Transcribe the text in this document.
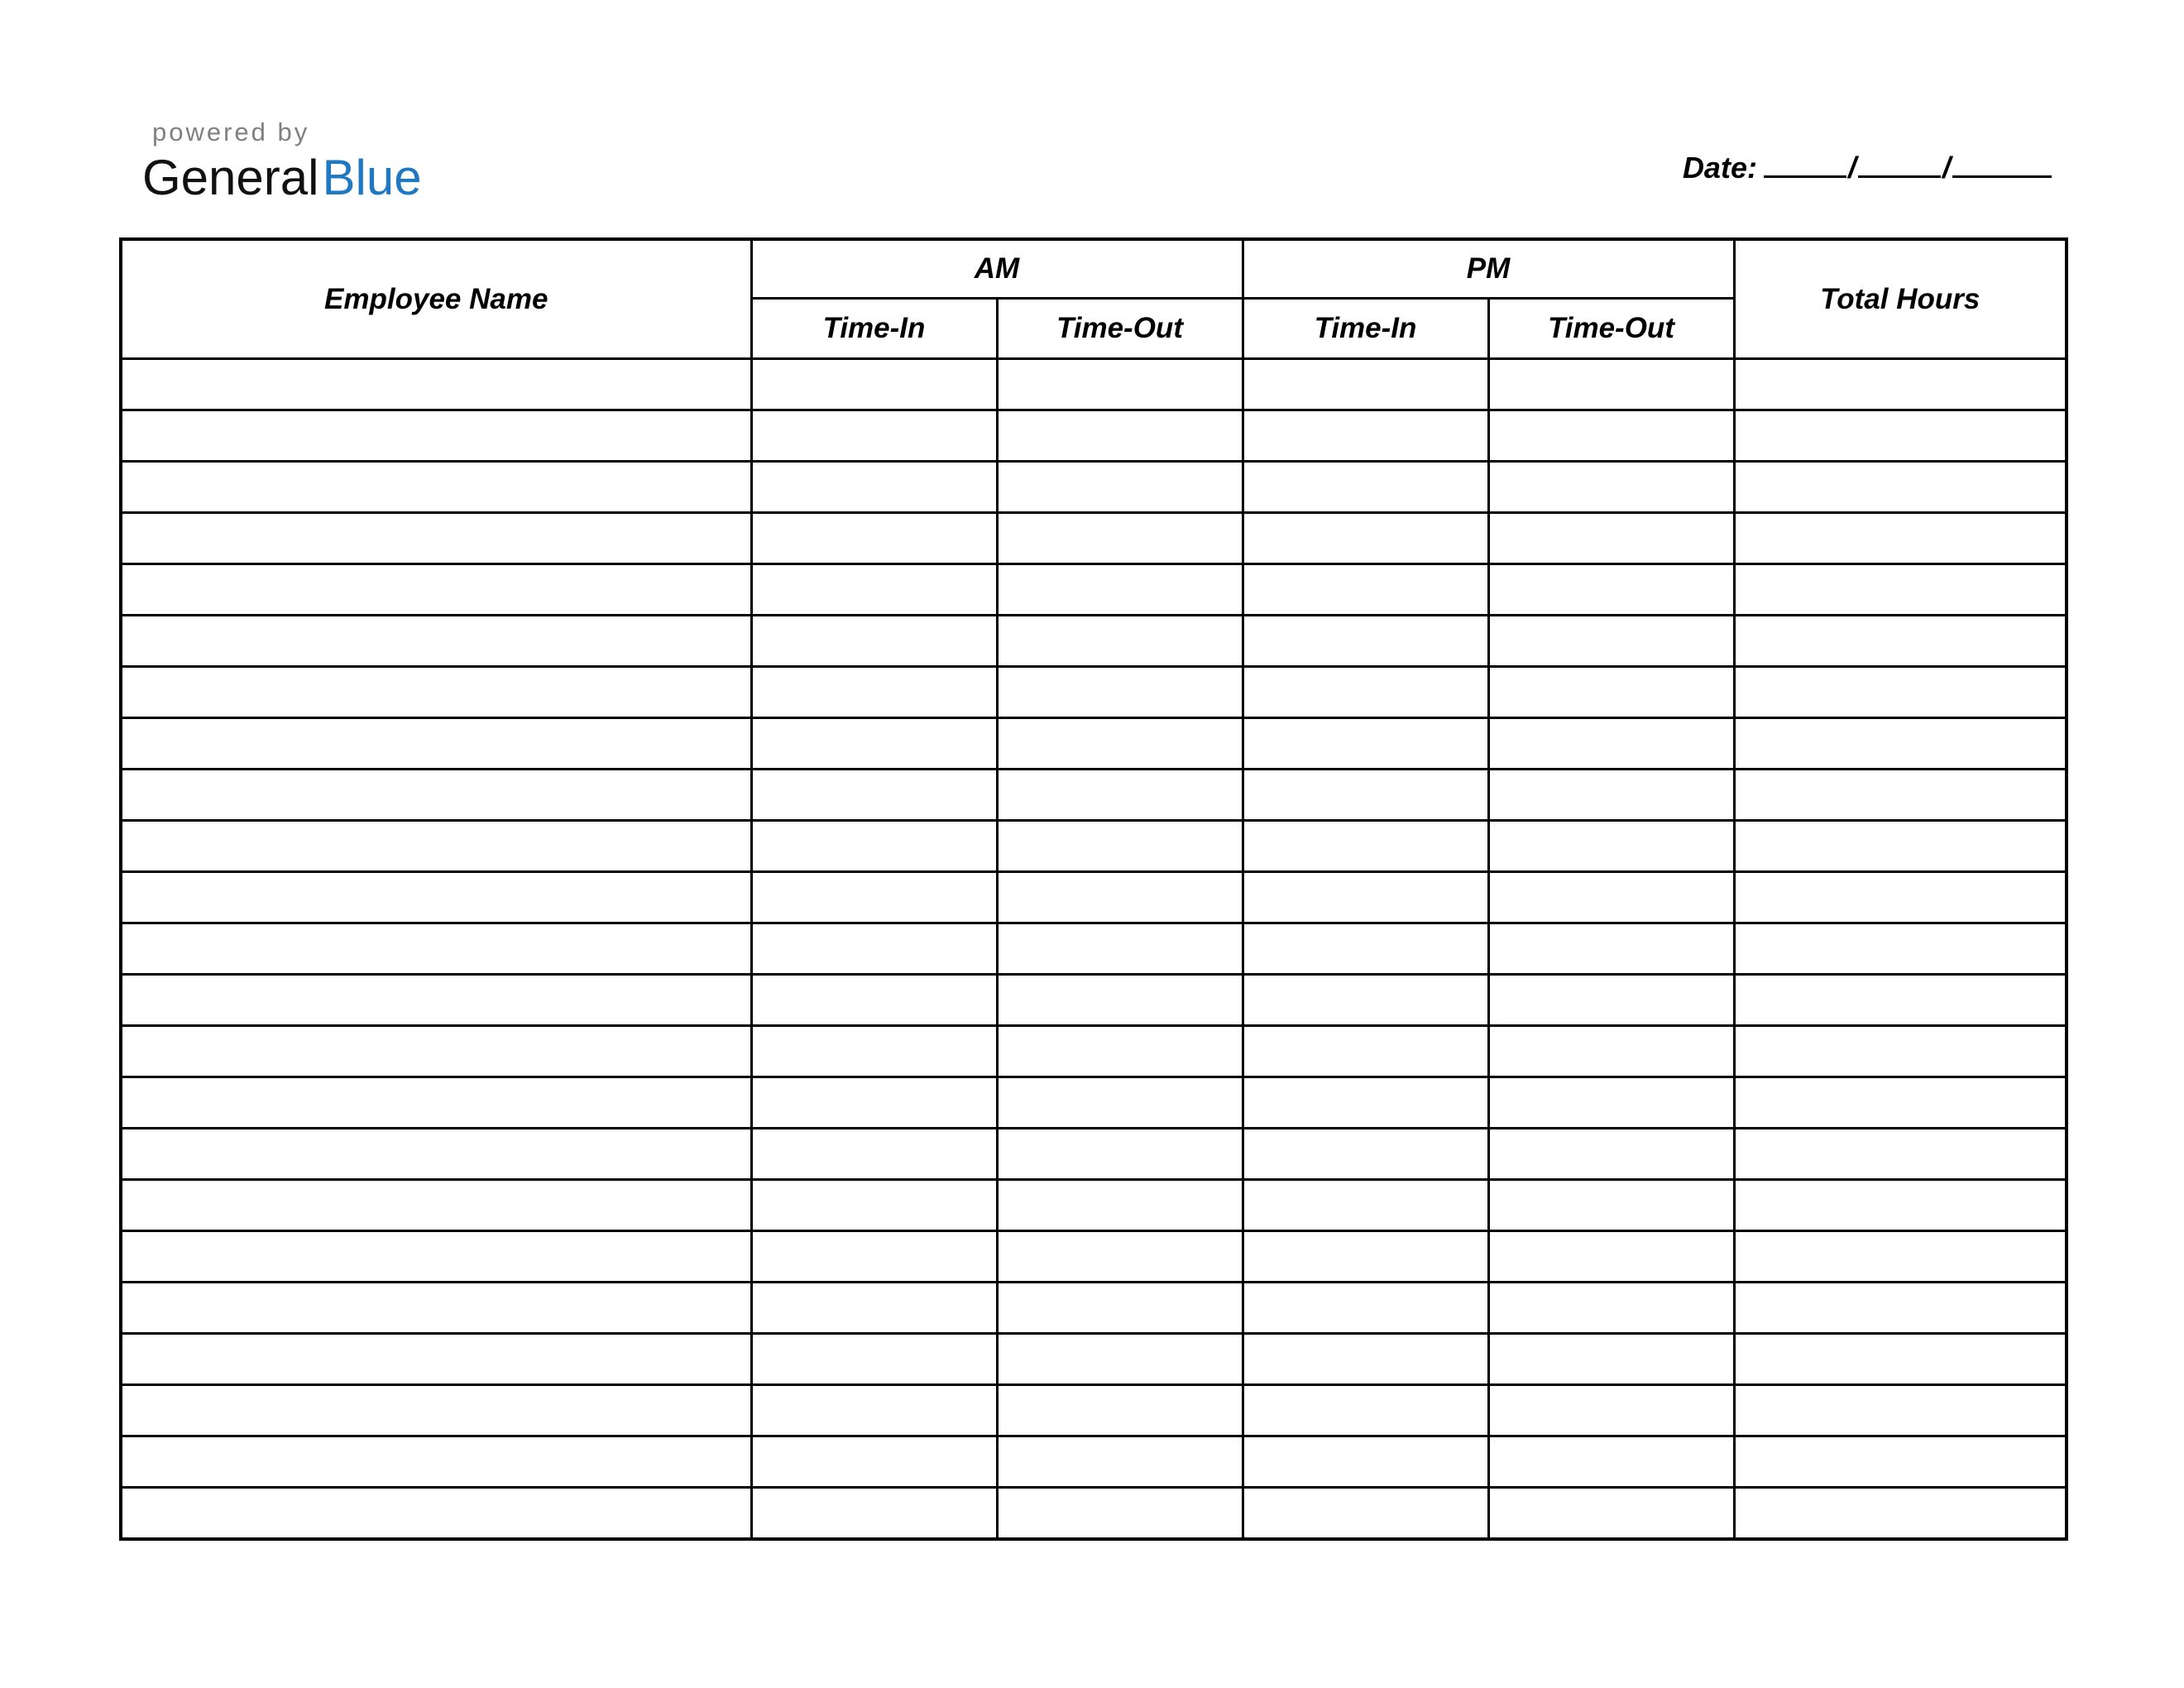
powered by
GeneralBlue	Date:	/	/
Employee Name	AM		PM		Total Hours
	Time-In	Time-Out	Time-In	Time-Out	
